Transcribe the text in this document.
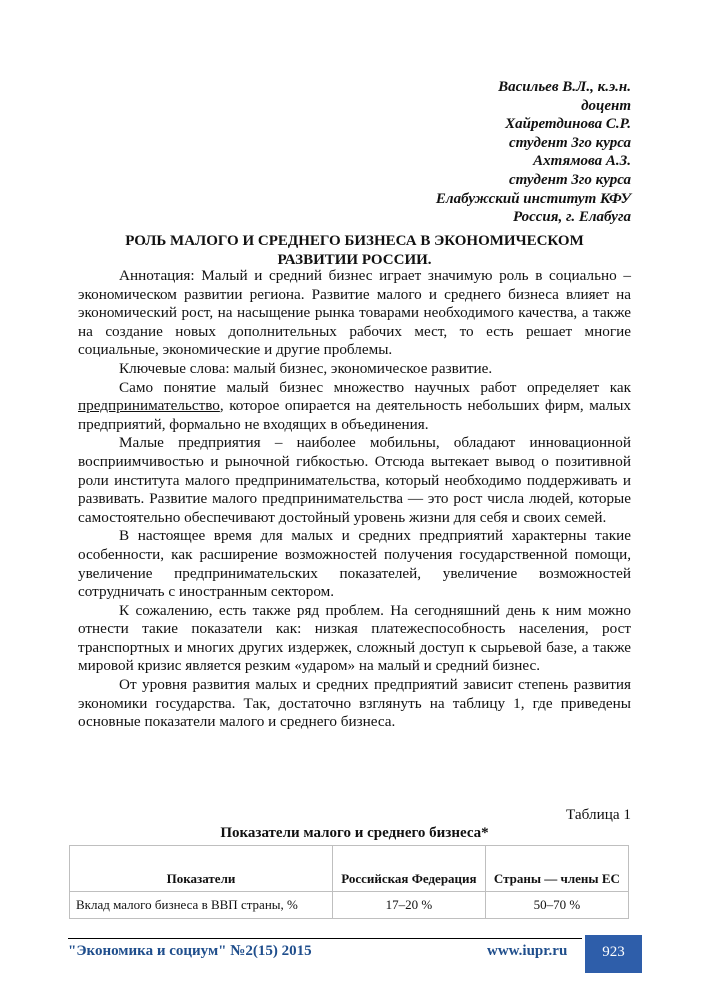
Васильев В.Л., к.э.н.
доцент
Хайретдинова С.Р.
студент 3го курса
Ахтямова А.З.
студент 3го курса
Елабужский институт КФУ
Россия, г. Елабуга
РОЛЬ МАЛОГО И СРЕДНЕГО БИЗНЕСА В ЭКОНОМИЧЕСКОМ
РАЗВИТИИ РОССИИ.

Аннотация: Малый и средний бизнес играет значимую роль в социально – экономическом развитии региона. Развитие малого и среднего бизнеса влияет на экономический рост, на насыщение рынка товарами необходимого качества, а также на создание новых дополнительных рабочих мест, то есть решает многие социальные, экономические и другие проблемы.

Ключевые слова: малый бизнес, экономическое развитие.

Само понятие малый бизнес множество научных работ определяет как предпринимательство, которое опирается на деятельность небольших фирм, малых предприятий, формально не входящих в объединения.

Малые предприятия – наиболее мобильны, обладают инновационной восприимчивостью и рыночной гибкостью. Отсюда вытекает вывод о позитивной роли института малого предпринимательства, который необходимо поддерживать и развивать. Развитие малого предпринимательства — это рост числа людей, которые самостоятельно обеспечивают достойный уровень жизни для себя и своих семей.

В настоящее время для малых и средних предприятий характерны такие особенности, как расширение возможностей получения государственной помощи, увеличение предпринимательских показателей, увеличение возможностей сотрудничать с иностранным сектором.

К сожалению, есть также ряд проблем. На сегодняшний день к ним можно отнести такие показатели как: низкая платежеспособность населения, рост транспортных и многих других издержек, сложный доступ к сырьевой базе, а также мировой кризис является резким «ударом» на малый и средний бизнес.

От уровня развития малых и средних предприятий зависит степень развития экономики государства. Так, достаточно взглянуть на таблицу 1, где приведены основные показатели малого и среднего бизнеса.

Таблица 1
Показатели малого и среднего бизнеса*
Показатели	Российская Федерация	Страны — члены ЕС
Вклад малого бизнеса в ВВП страны, %	17–20 %	50–70 %
"Экономика и социум" №2(15) 2015	www.iupr.ru	923
